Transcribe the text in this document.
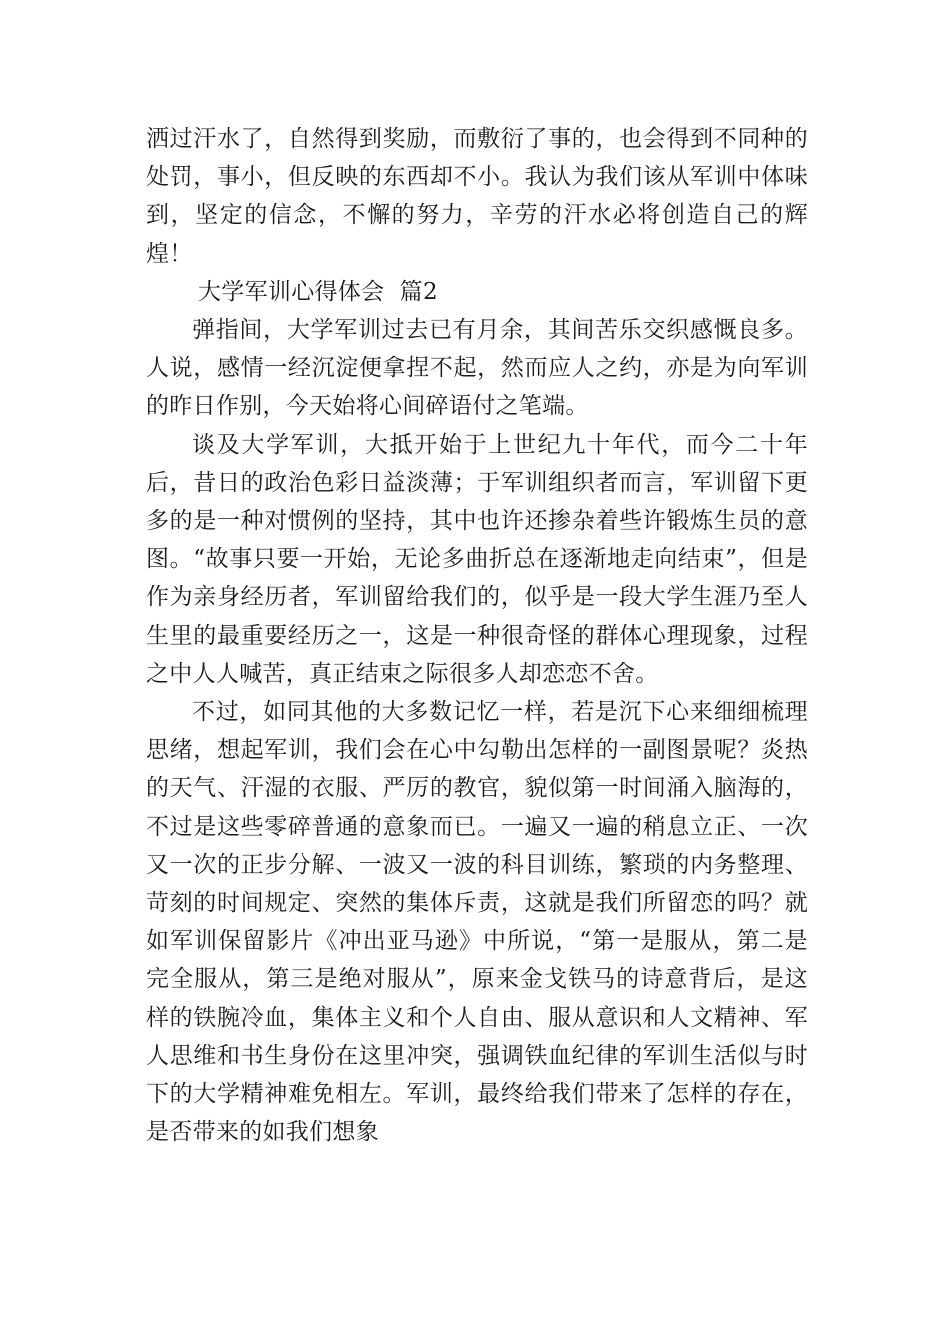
洒过汗水了，自然得到奖励，而敷衍了事的，也会得到不同种的处罚，事小，但反映的东西却不小。我认为我们该从军训中体味到，坚定的信念，不懈的努力，辛劳的汗水必将创造自己的辉煌！

大学军训心得体会 篇2

弹指间，大学军训过去已有月余，其间苦乐交织感慨良多。人说，感情一经沉淀便拿捏不起，然而应人之约，亦是为向军训的昨日作别，今天始将心间碎语付之笔端。

谈及大学军训，大抵开始于上世纪九十年代，而今二十年后，昔日的政治色彩日益淡薄；于军训组织者而言，军训留下更多的是一种对惯例的坚持，其中也许还掺杂着些许锻炼生员的意图。“故事只要一开始，无论多曲折总在逐渐地走向结束”，但是作为亲身经历者，军训留给我们的，似乎是一段大学生涯乃至人生里的最重要经历之一，这是一种很奇怪的群体心理现象，过程之中人人喊苦，真正结束之际很多人却恋恋不舍。

不过，如同其他的大多数记忆一样，若是沉下心来细细梳理思绪，想起军训，我们会在心中勾勒出怎样的一副图景呢？炎热的天气、汗湿的衣服、严厉的教官，貌似第一时间涌入脑海的，不过是这些零碎普通的意象而已。一遍又一遍的稍息立正、一次又一次的正步分解、一波又一波的科目训练，繁琐的内务整理、苛刻的时间规定、突然的集体斥责，这就是我们所留恋的吗？就如军训保留影片《冲出亚马逊》中所说，“第一是服从，第二是完全服从，第三是绝对服从”，原来金戈铁马的诗意背后，是这样的铁腕冷血，集体主义和个人自由、服从意识和人文精神、军人思维和书生身份在这里冲突，强调铁血纪律的军训生活似与时下的大学精神难免相左。军训，最终给我们带来了怎样的存在，是否带来的如我们想象
